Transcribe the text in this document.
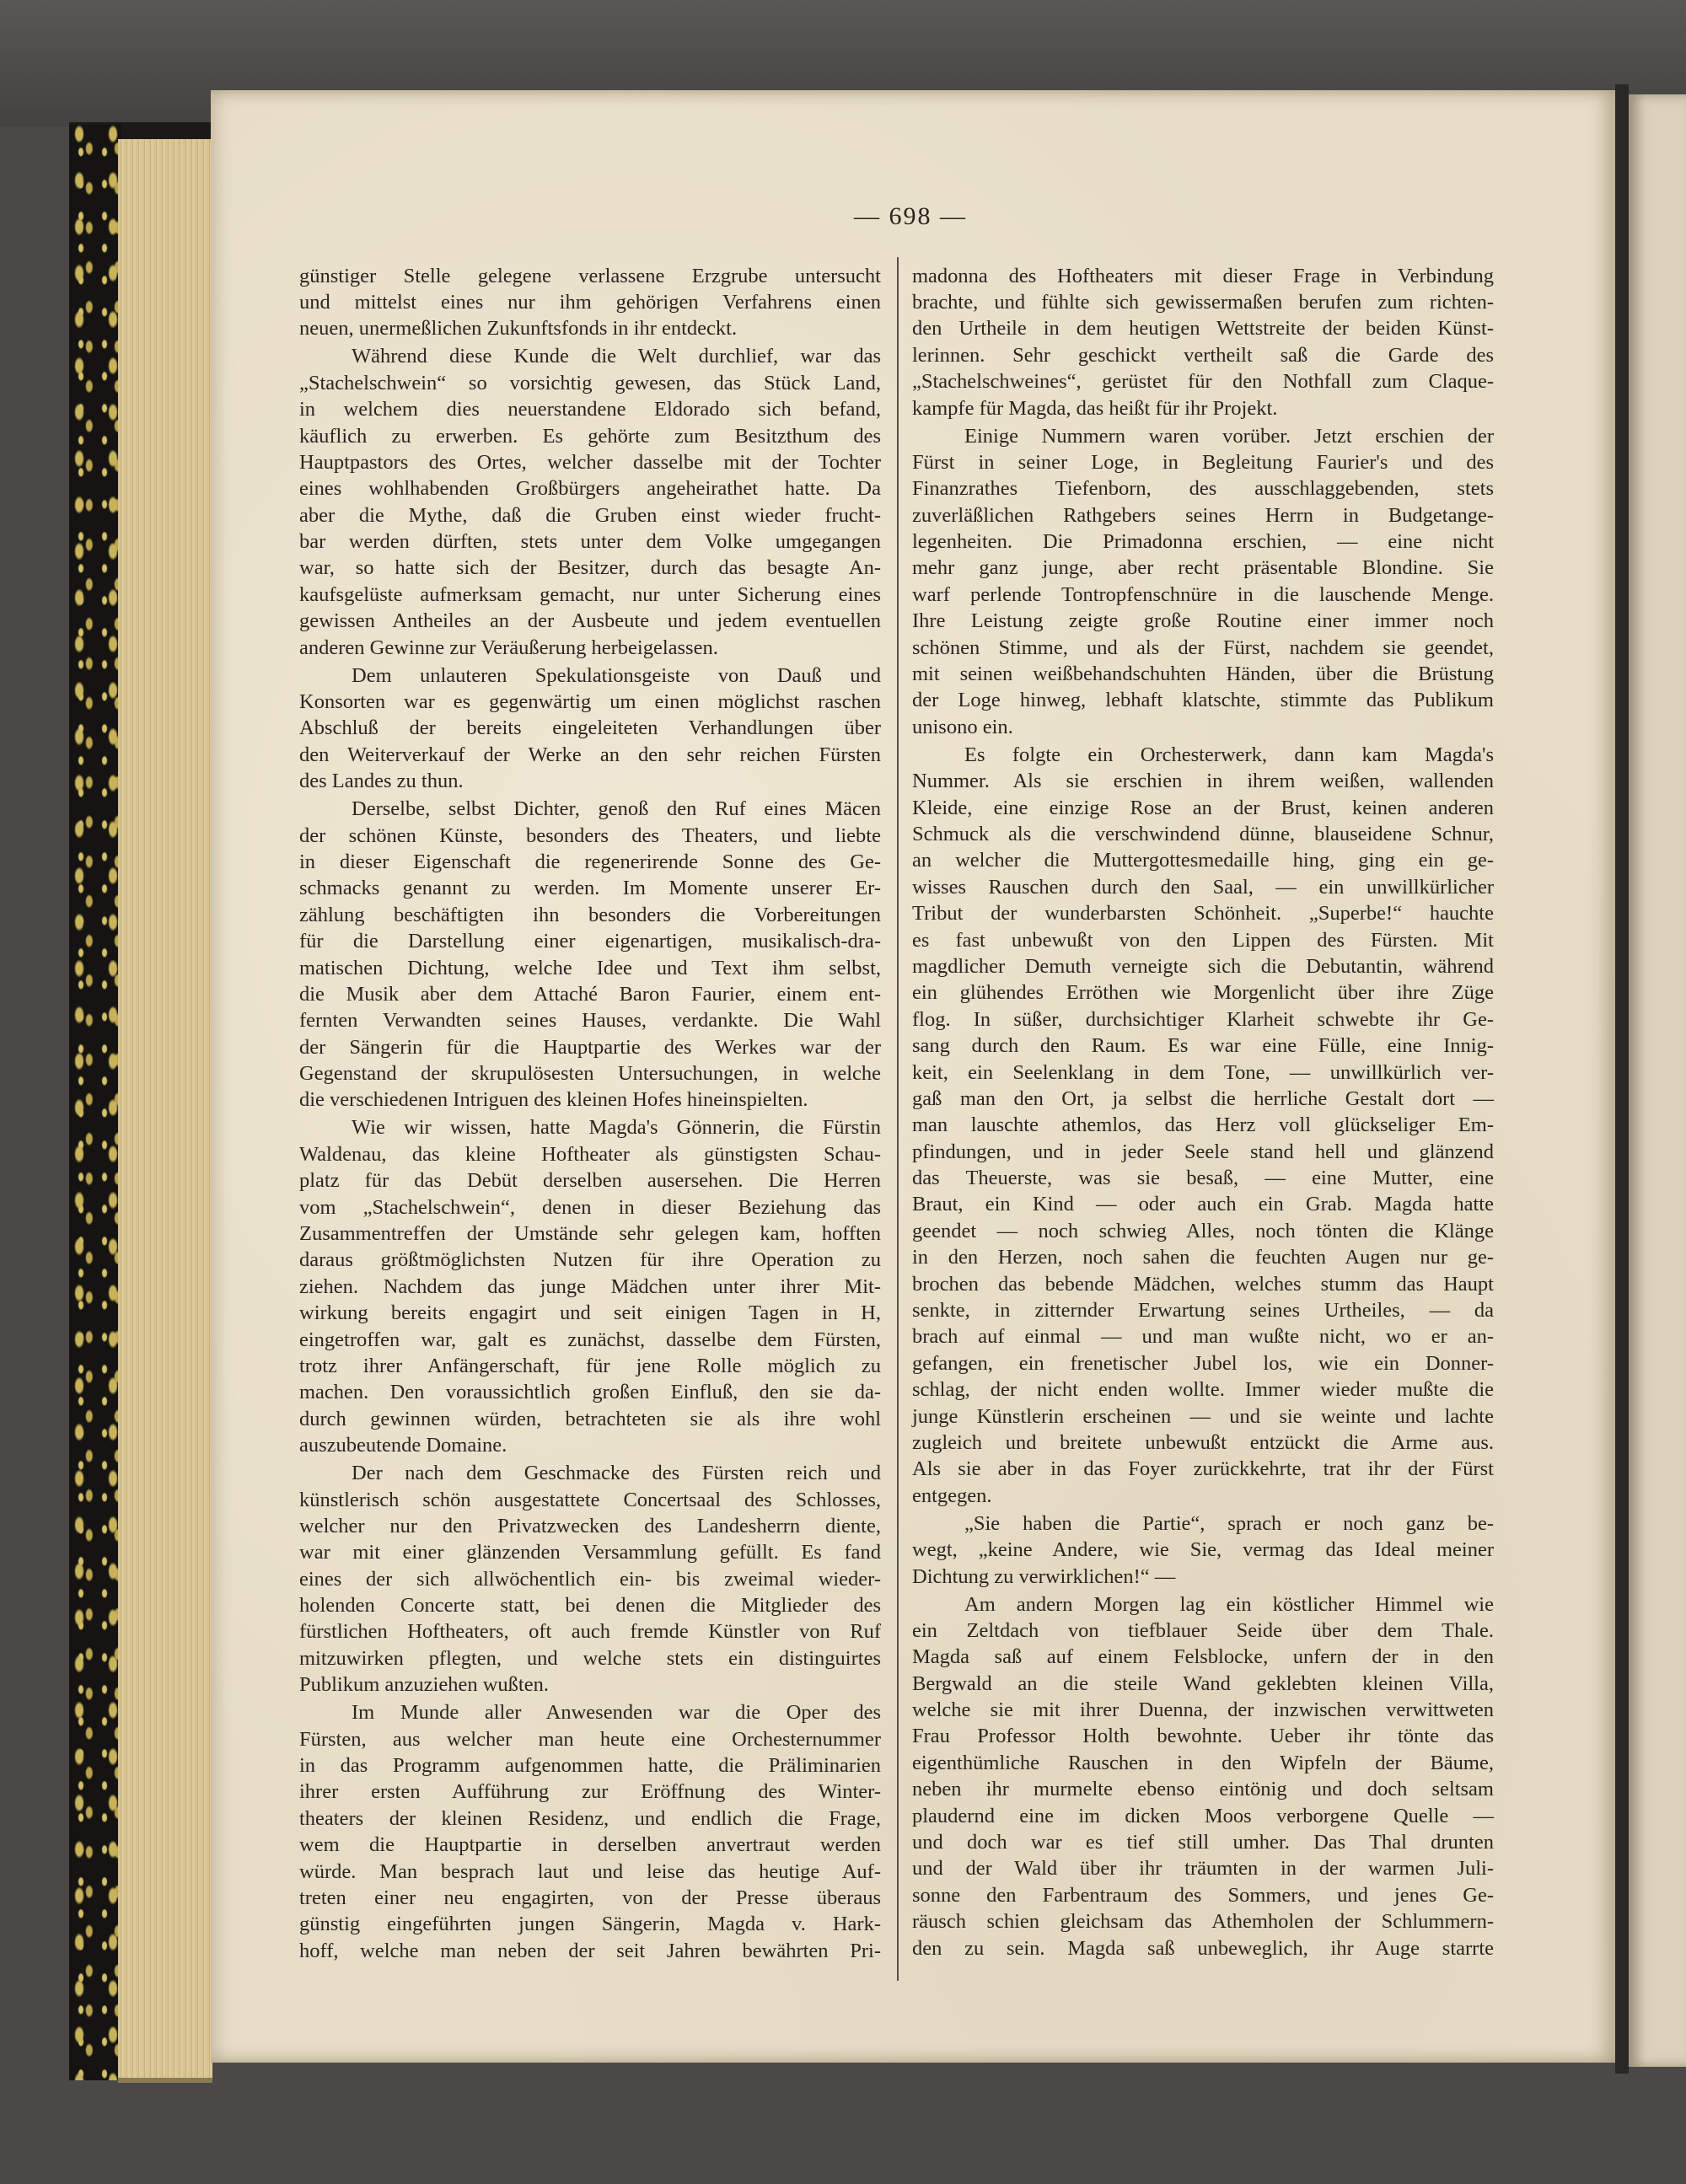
— 698 —
günstiger Stelle gelegene verlassene Erzgrube untersucht
und mittelst eines nur ihm gehörigen Verfahrens einen
neuen, unermeßlichen Zukunftsfonds in ihr entdeckt.
Während diese Kunde die Welt durchlief, war das
„Stachelschwein“ so vorsichtig gewesen, das Stück Land,
in welchem dies neuerstandene Eldorado sich befand,
käuflich zu erwerben. Es gehörte zum Besitzthum des
Hauptpastors des Ortes, welcher dasselbe mit der Tochter
eines wohlhabenden Großbürgers angeheirathet hatte. Da
aber die Mythe, daß die Gruben einst wieder frucht-
bar werden dürften, stets unter dem Volke umgegangen
war, so hatte sich der Besitzer, durch das besagte An-
kaufsgelüste aufmerksam gemacht, nur unter Sicherung eines
gewissen Antheiles an der Ausbeute und jedem eventuellen
anderen Gewinne zur Veräußerung herbeigelassen.
Dem unlauteren Spekulationsgeiste von Dauß und
Konsorten war es gegenwärtig um einen möglichst raschen
Abschluß der bereits eingeleiteten Verhandlungen über
den Weiterverkauf der Werke an den sehr reichen Fürsten
des Landes zu thun.
Derselbe, selbst Dichter, genoß den Ruf eines Mäcen
der schönen Künste, besonders des Theaters, und liebte
in dieser Eigenschaft die regenerirende Sonne des Ge-
schmacks genannt zu werden. Im Momente unserer Er-
zählung beschäftigten ihn besonders die Vorbereitungen
für die Darstellung einer eigenartigen, musikalisch-dra-
matischen Dichtung, welche Idee und Text ihm selbst,
die Musik aber dem Attaché Baron Faurier, einem ent-
fernten Verwandten seines Hauses, verdankte. Die Wahl
der Sängerin für die Hauptpartie des Werkes war der
Gegenstand der skrupulösesten Untersuchungen, in welche
die verschiedenen Intriguen des kleinen Hofes hineinspielten.
Wie wir wissen, hatte Magda's Gönnerin, die Fürstin
Waldenau, das kleine Hoftheater als günstigsten Schau-
platz für das Debüt derselben ausersehen. Die Herren
vom „Stachelschwein“, denen in dieser Beziehung das
Zusammentreffen der Umstände sehr gelegen kam, hofften
daraus größtmöglichsten Nutzen für ihre Operation zu
ziehen. Nachdem das junge Mädchen unter ihrer Mit-
wirkung bereits engagirt und seit einigen Tagen in H,
eingetroffen war, galt es zunächst, dasselbe dem Fürsten,
trotz ihrer Anfängerschaft, für jene Rolle möglich zu
machen. Den voraussichtlich großen Einfluß, den sie da-
durch gewinnen würden, betrachteten sie als ihre wohl
auszubeutende Domaine.
Der nach dem Geschmacke des Fürsten reich und
künstlerisch schön ausgestattete Concertsaal des Schlosses,
welcher nur den Privatzwecken des Landesherrn diente,
war mit einer glänzenden Versammlung gefüllt. Es fand
eines der sich allwöchentlich ein- bis zweimal wieder-
holenden Concerte statt, bei denen die Mitglieder des
fürstlichen Hoftheaters, oft auch fremde Künstler von Ruf
mitzuwirken pflegten, und welche stets ein distinguirtes
Publikum anzuziehen wußten.
Im Munde aller Anwesenden war die Oper des
Fürsten, aus welcher man heute eine Orchesternummer
in das Programm aufgenommen hatte, die Präliminarien
ihrer ersten Aufführung zur Eröffnung des Winter-
theaters der kleinen Residenz, und endlich die Frage,
wem die Hauptpartie in derselben anvertraut werden
würde. Man besprach laut und leise das heutige Auf-
treten einer neu engagirten, von der Presse überaus
günstig eingeführten jungen Sängerin, Magda v. Hark-
hoff, welche man neben der seit Jahren bewährten Pri-
madonna des Hoftheaters mit dieser Frage in Verbindung
brachte, und fühlte sich gewissermaßen berufen zum richten-
den Urtheile in dem heutigen Wettstreite der beiden Künst-
lerinnen. Sehr geschickt vertheilt saß die Garde des
„Stachelschweines“, gerüstet für den Nothfall zum Claque-
kampfe für Magda, das heißt für ihr Projekt.
Einige Nummern waren vorüber. Jetzt erschien der
Fürst in seiner Loge, in Begleitung Faurier's und des
Finanzrathes Tiefenborn, des ausschlaggebenden, stets
zuverläßlichen Rathgebers seines Herrn in Budgetange-
legenheiten. Die Primadonna erschien, — eine nicht
mehr ganz junge, aber recht präsentable Blondine. Sie
warf perlende Tontropfenschnüre in die lauschende Menge.
Ihre Leistung zeigte große Routine einer immer noch
schönen Stimme, und als der Fürst, nachdem sie geendet,
mit seinen weißbehandschuhten Händen, über die Brüstung
der Loge hinweg, lebhaft klatschte, stimmte das Publikum
unisono ein.
Es folgte ein Orchesterwerk, dann kam Magda's
Nummer. Als sie erschien in ihrem weißen, wallenden
Kleide, eine einzige Rose an der Brust, keinen anderen
Schmuck als die verschwindend dünne, blauseidene Schnur,
an welcher die Muttergottesmedaille hing, ging ein ge-
wisses Rauschen durch den Saal, — ein unwillkürlicher
Tribut der wunderbarsten Schönheit. „Superbe!“ hauchte
es fast unbewußt von den Lippen des Fürsten. Mit
magdlicher Demuth verneigte sich die Debutantin, während
ein glühendes Erröthen wie Morgenlicht über ihre Züge
flog. In süßer, durchsichtiger Klarheit schwebte ihr Ge-
sang durch den Raum. Es war eine Fülle, eine Innig-
keit, ein Seelenklang in dem Tone, — unwillkürlich ver-
gaß man den Ort, ja selbst die herrliche Gestalt dort —
man lauschte athemlos, das Herz voll glückseliger Em-
pfindungen, und in jeder Seele stand hell und glänzend
das Theuerste, was sie besaß, — eine Mutter, eine
Braut, ein Kind — oder auch ein Grab. Magda hatte
geendet — noch schwieg Alles, noch tönten die Klänge
in den Herzen, noch sahen die feuchten Augen nur ge-
brochen das bebende Mädchen, welches stumm das Haupt
senkte, in zitternder Erwartung seines Urtheiles, — da
brach auf einmal — und man wußte nicht, wo er an-
gefangen, ein frenetischer Jubel los, wie ein Donner-
schlag, der nicht enden wollte. Immer wieder mußte die
junge Künstlerin erscheinen — und sie weinte und lachte
zugleich und breitete unbewußt entzückt die Arme aus.
Als sie aber in das Foyer zurückkehrte, trat ihr der Fürst
entgegen.
„Sie haben die Partie“, sprach er noch ganz be-
wegt, „keine Andere, wie Sie, vermag das Ideal meiner
Dichtung zu verwirklichen!“ —
Am andern Morgen lag ein köstlicher Himmel wie
ein Zeltdach von tiefblauer Seide über dem Thale.
Magda saß auf einem Felsblocke, unfern der in den
Bergwald an die steile Wand geklebten kleinen Villa,
welche sie mit ihrer Duenna, der inzwischen verwittweten
Frau Professor Holth bewohnte. Ueber ihr tönte das
eigenthümliche Rauschen in den Wipfeln der Bäume,
neben ihr murmelte ebenso eintönig und doch seltsam
plaudernd eine im dicken Moos verborgene Quelle —
und doch war es tief still umher. Das Thal drunten
und der Wald über ihr träumten in der warmen Juli-
sonne den Farbentraum des Sommers, und jenes Ge-
räusch schien gleichsam das Athemholen der Schlummern-
den zu sein. Magda saß unbeweglich, ihr Auge starrte
